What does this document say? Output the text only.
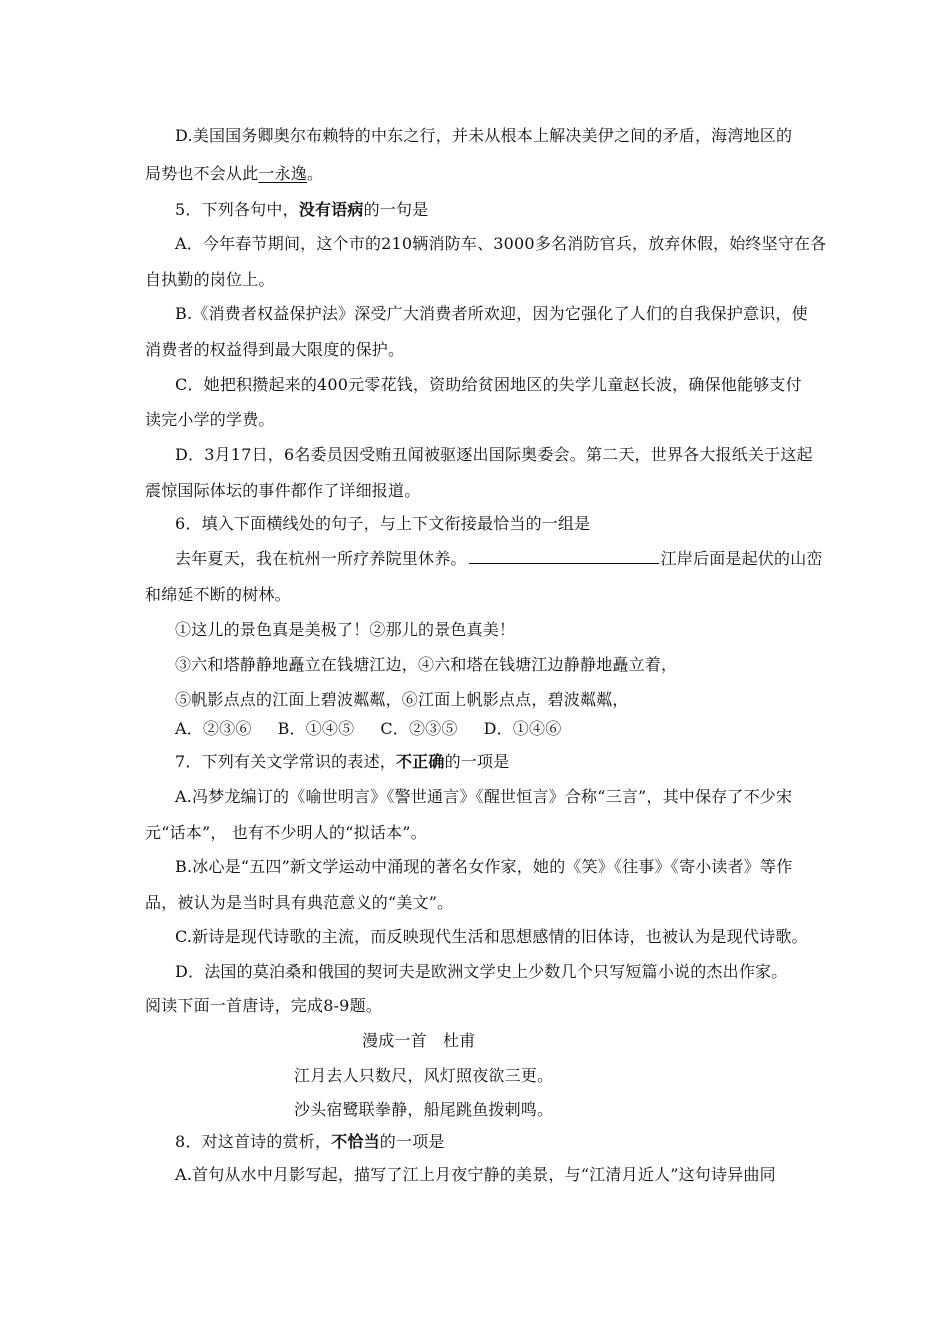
D.美国国务卿奥尔布赖特的中东之行，并未从根本上解决美伊之间的矛盾，海湾地区的
局势也不会从此一永逸。
5．下列各句中，没有语病的一句是
A．今年春节期间，这个市的210辆消防车、3000多名消防官兵，放弃休假，始终坚守在各
自执勤的岗位上。
B.《消费者权益保护法》深受广大消费者所欢迎，因为它强化了人们的自我保护意识，使
消费者的权益得到最大限度的保护。
C．她把积攒起来的400元零花钱，资助给贫困地区的失学儿童赵长波，确保他能够支付
读完小学的学费。
D．3月17日，6名委员因受贿丑闻被驱逐出国际奥委会。第二天，世界各大报纸关于这起
震惊国际体坛的事件都作了详细报道。
6．填入下面横线处的句子，与上下文衔接最恰当的一组是
去年夏天，我在杭州一所疗养院里休养。	江岸后面是起伏的山峦
和绵延不断的树林。
①这儿的景色真是美极了！②那儿的景色真美！
③六和塔静静地矗立在钱塘江边，④六和塔在钱塘江边静静地矗立着，
⑤帆影点点的江面上碧波粼粼，⑥江面上帆影点点，碧波粼粼，
A．②③⑥ B．①④⑤ C．②③⑤ D．①④⑥
7．下列有关文学常识的表述，不正确的一项是
A.冯梦龙编订的《喻世明言》《警世通言》《醒世恒言》合称“三言”，其中保存了不少宋
元“话本”， 也有不少明人的“拟话本”。
B.冰心是“五四”新文学运动中涌现的著名女作家，她的《笑》《往事》《寄小读者》等作
品，被认为是当时具有典范意义的“美文”。
C.新诗是现代诗歌的主流，而反映现代生活和思想感情的旧体诗，也被认为是现代诗歌。
D．法国的莫泊桑和俄国的契诃夫是欧洲文学史上少数几个只写短篇小说的杰出作家。
阅读下面一首唐诗，完成8-9题。
漫成一首　杜甫
江月去人只数尺，风灯照夜欲三更。
沙头宿鹭联拳静，船尾跳鱼拨剌鸣。
8．对这首诗的赏析，不恰当的一项是
A.首句从水中月影写起，描写了江上月夜宁静的美景，与“江清月近人”这句诗异曲同
